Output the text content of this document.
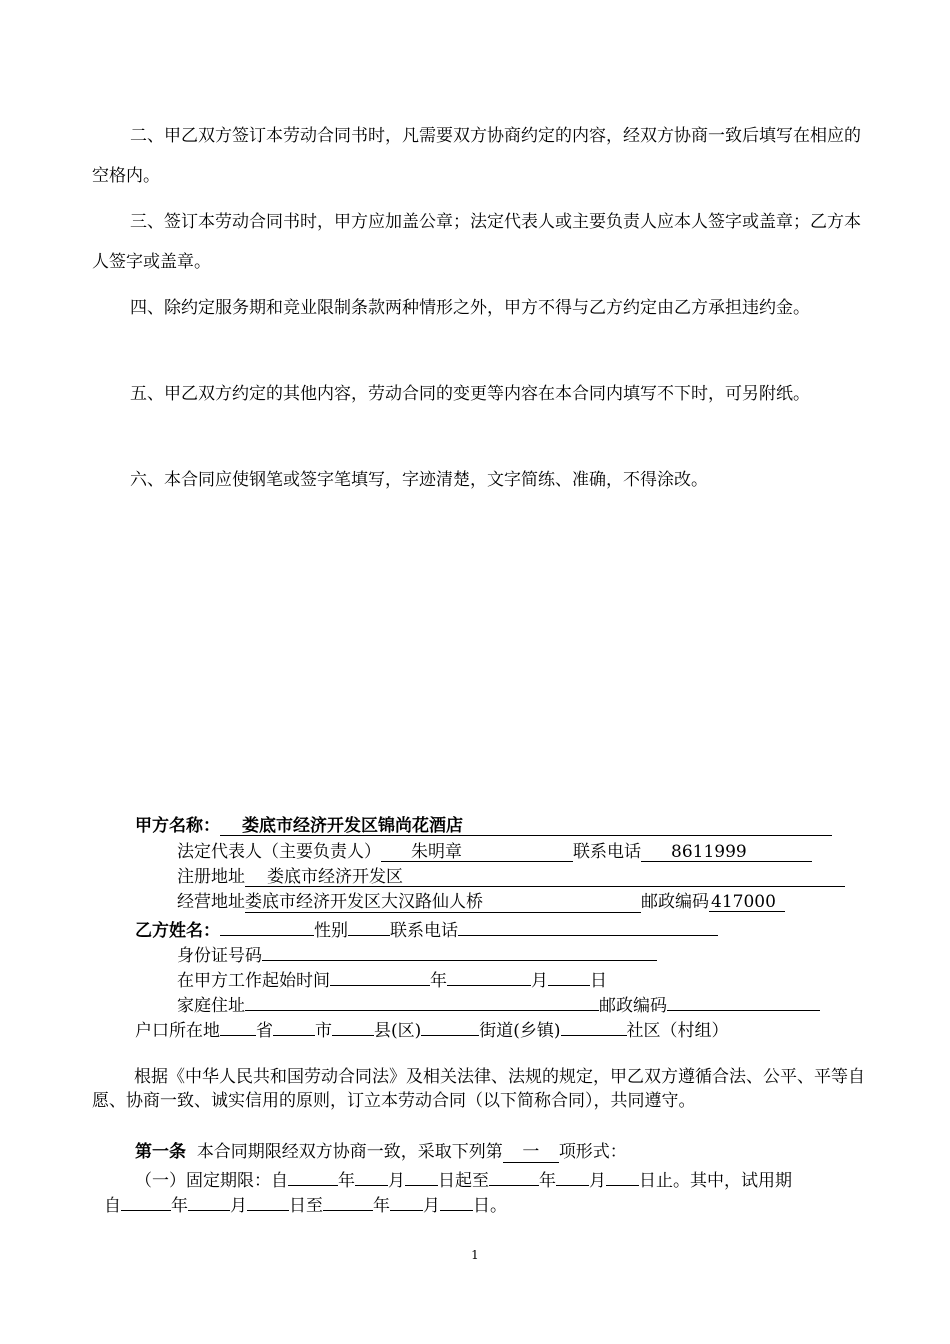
二、甲乙双方签订本劳动合同书时，凡需要双方协商约定的内容，经双方协商一致后填写在相应的空格内。

三、签订本劳动合同书时，甲方应加盖公章；法定代表人或主要负责人应本人签字或盖章；乙方本人签字或盖章。

四、除约定服务期和竞业限制条款两种情形之外，甲方不得与乙方约定由乙方承担违约金。

五、甲乙双方约定的其他内容，劳动合同的变更等内容在本合同内填写不下时，可另附纸。

六、本合同应使钢笔或签字笔填写，字迹清楚，文字简练、准确，不得涂改。

甲方名称： 娄底市经济开发区锦尚花酒店
法定代表人（主要负责人） 朱明章	联系电话 8611999
注册地址 娄底市经济开发区
经营地址娄底市经济开发区大汉路仙人桥	邮政编码 417000
乙方姓名：	性别 联系电话
身份证号码
在甲方工作起始时间	年	月 日
家庭住址	邮政编码
户口所在地 省 市 县(区)	街道(乡镇)	社区（村组）

根据《中华人民共和国劳动合同法》及相关法律、法规的规定，甲乙双方遵循合法、公平、平等自愿、协商一致、诚实信用的原则，订立本劳动合同（以下简称合同），共同遵守。

第一条 本合同期限经双方协商一致，采取下列第 一 项形式：
（一）固定期限：自	年 月 日起至	年 月 日止。其中，试用期
自	年 月 日至	年 月 日。
1
